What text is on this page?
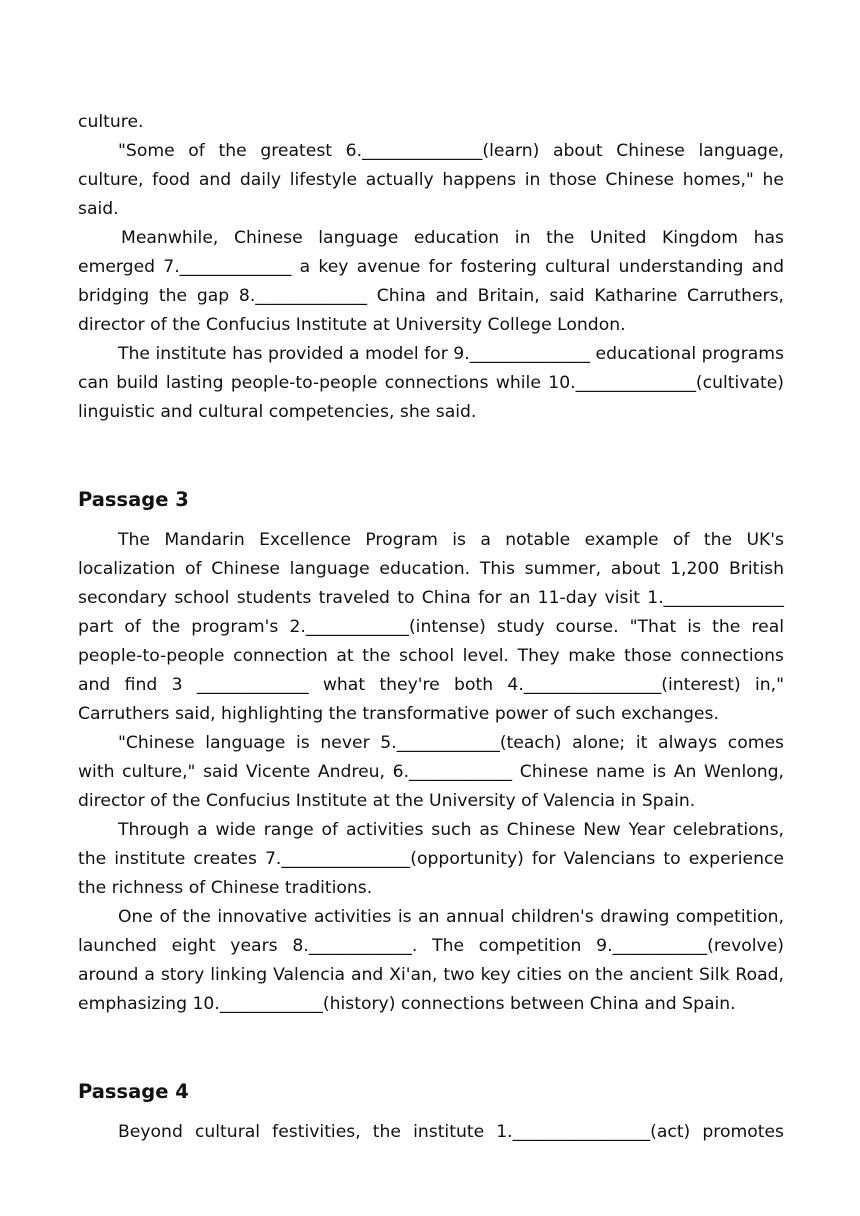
culture.

"Some of the greatest 6.______________(learn) about Chinese language, culture, food and daily lifestyle actually happens in those Chinese homes," he said.

Meanwhile, Chinese language education in the United Kingdom has emerged 7._____________ a key avenue for fostering cultural understanding and bridging the gap 8._____________ China and Britain, said Katharine Carruthers, director of the Confucius Institute at University College London.

The institute has provided a model for 9.______________ educational programs can build lasting people-to-people connections while 10.______________(cultivate) linguistic and cultural competencies, she said.

Passage 3

The Mandarin Excellence Program is a notable example of the UK's localization of Chinese language education. This summer, about 1,200 British secondary school students traveled to China for an 11-day visit 1.______________ part of the program's 2.____________(intense) study course. "That is the real people-to-people connection at the school level. They make those connections and find 3 _____________ what they're both 4.________________(interest) in," Carruthers said, highlighting the transformative power of such exchanges.

"Chinese language is never 5.____________(teach) alone; it always comes with culture," said Vicente Andreu, 6.____________ Chinese name is An Wenlong, director of the Confucius Institute at the University of Valencia in Spain.

Through a wide range of activities such as Chinese New Year celebrations, the institute creates 7._______________(opportunity) for Valencians to experience the richness of Chinese traditions.

One of the innovative activities is an annual children's drawing competition, launched eight years 8.____________. The competition 9.___________(revolve) around a story linking Valencia and Xi'an, two key cities on the ancient Silk Road, emphasizing 10.____________(history) connections between China and Spain.

Passage 4

Beyond cultural festivities, the institute 1.________________(act) promotes
